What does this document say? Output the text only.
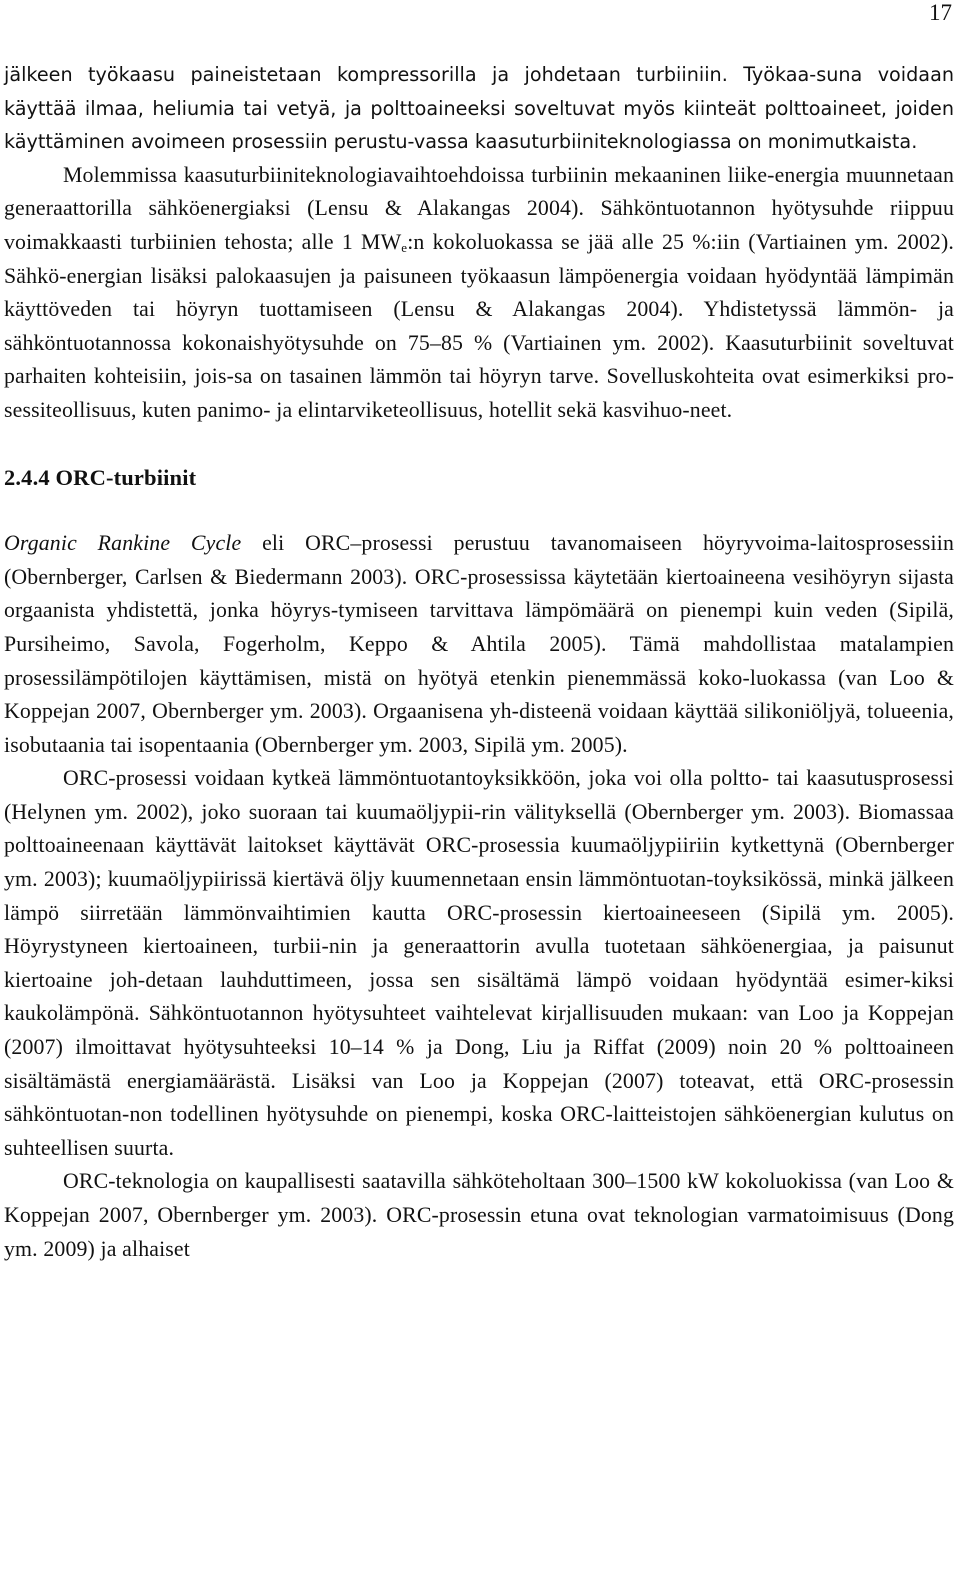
17

jälkeen työkaasu paineistetaan kompressorilla ja johdetaan turbiiniin. Työkaa-suna voidaan käyttää ilmaa, heliumia tai vetyä, ja polttoaineeksi soveltuvat myös kiinteät polttoaineet, joiden käyttäminen avoimeen prosessiin perustu-vassa kaasuturbiiniteknologiassa on monimutkaista.
Molemmissa kaasuturbiiniteknologiavaihtoehdoissa turbiinin mekaaninen liike-energia muunnetaan generaattorilla sähköenergiaksi (Lensu & Alakangas 2004). Sähköntuotannon hyötysuhde riippuu voimakkaasti turbiinien tehosta; alle 1 $MW_e:n$ kokoluokassa se jää alle 25 %:iin (Vartiainen ym. 2002). Sähkö-energian lisäksi palokaasujen ja paisuneen työkaasun lämpöenergia voidaan hyödyntää lämpimän käyttöveden tai höyryn tuottamiseen (Lensu & Alakangas 2004). Yhdistetyssä lämmön- ja sähköntuotannossa kokonaishyötysuhde on 75–85 % (Vartiainen ym. 2002). Kaasuturbiinit soveltuvat parhaiten kohteisiin, jois-sa on tasainen lämmön tai höyryn tarve. Sovelluskohteita ovat esimerkiksi pro-sessiteollisuus, kuten panimo- ja elintarviketeollisuus, hotellit sekä kasvihuo-neet.

2.4.4 ORC-turbiinit

Organic Rankine Cycle eli ORC–prosessi perustuu tavanomaiseen höyryvoima-laitosprosessiin (Obernberger, Carlsen & Biedermann 2003). ORC-prosessissa käytetään kiertoaineena vesihöyryn sijasta orgaanista yhdistettä, jonka höyrys-tymiseen tarvittava lämpömäärä on pienempi kuin veden (Sipilä, Pursiheimo, Savola, Fogerholm, Keppo & Ahtila 2005). Tämä mahdollistaa matalampien prosessilämpötilojen käyttämisen, mistä on hyötyä etenkin pienemmässä koko-luokassa (van Loo & Koppejan 2007, Obernberger ym. 2003). Orgaanisena yh-disteenä voidaan käyttää silikoniöljyä, tolueenia, isobutaania tai isopentaania (Obernberger ym. 2003, Sipilä ym. 2005).

ORC-prosessi voidaan kytkeä lämmöntuotantoyksikköön, joka voi olla poltto- tai kaasutusprosessi (Helynen ym. 2002), joko suoraan tai kuumaöljypii-rin välityksellä (Obernberger ym. 2003). Biomassaa polttoaineenaan käyttävät laitokset käyttävät ORC-prosessia kuumaöljypiiriin kytkettynä (Obernberger ym. 2003); kuumaöljypiirissä kiertävä öljy kuumennetaan ensin lämmöntuotan-toyksikössä, minkä jälkeen lämpö siirretään lämmönvaihtimien kautta ORC-prosessin kiertoaineeseen (Sipilä ym. 2005). Höyrystyneen kiertoaineen, turbii-nin ja generaattorin avulla tuotetaan sähköenergiaa, ja paisunut kiertoaine joh-detaan lauhduttimeen, jossa sen sisältämä lämpö voidaan hyödyntää esimer-kiksi kaukolämpönä. Sähköntuotannon hyötysuhteet vaihtelevat kirjallisuuden mukaan: van Loo ja Koppejan (2007) ilmoittavat hyötysuhteeksi 10–14 % ja Dong, Liu ja Riffat (2009) noin 20 % polttoaineen sisältämästä energiamäärästä. Lisäksi van Loo ja Koppejan (2007) toteavat, että ORC-prosessin sähköntuotan-non todellinen hyötysuhde on pienempi, koska ORC-laitteistojen sähköenergian kulutus on suhteellisen suurta.

ORC-teknologia on kaupallisesti saatavilla sähköteholtaan 300–1500 kW kokoluokissa (van Loo & Koppejan 2007, Obernberger ym. 2003). ORC-prosessin etuna ovat teknologian varmatoimisuus (Dong ym. 2009) ja alhaiset
